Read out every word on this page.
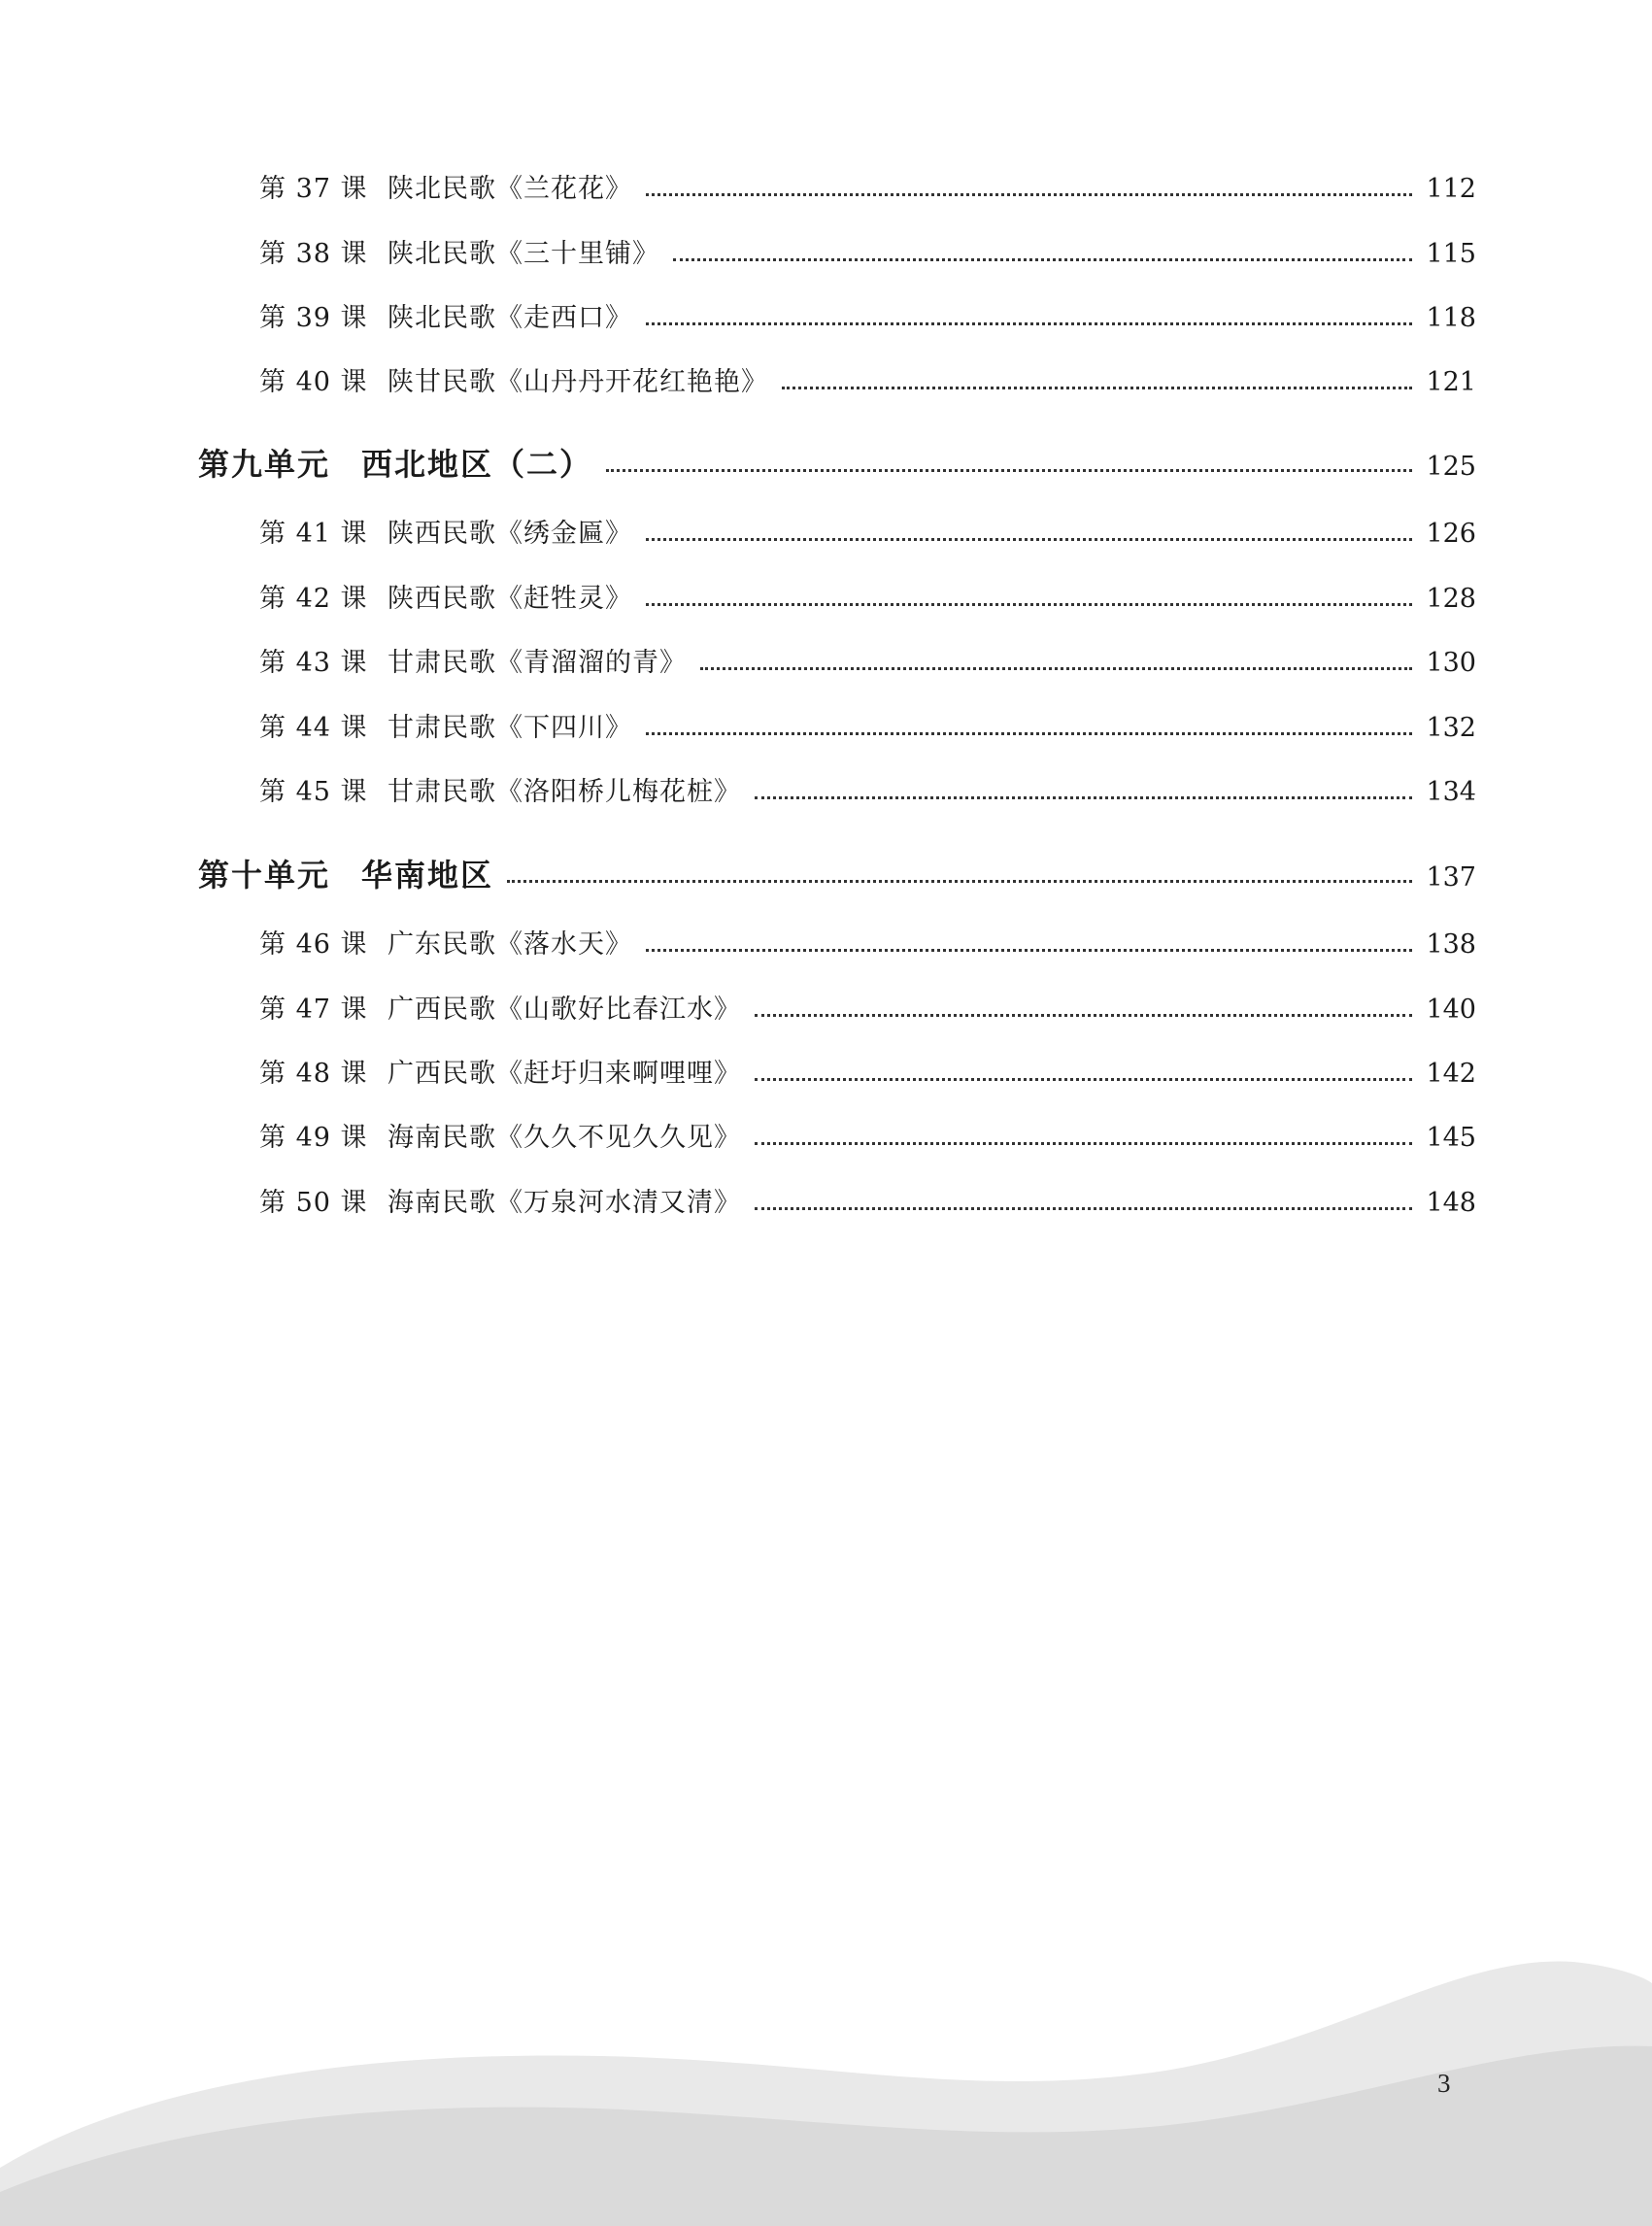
第 37 课 陕北民歌《兰花花》	112
第 38 课 陕北民歌《三十里铺》	115
第 39 课 陕北民歌《走西口》	118
第 40 课 陕甘民歌《山丹丹开花红艳艳》	121
第九单元 西北地区（二）	125
第 41 课 陕西民歌《绣金匾》	126
第 42 课 陕西民歌《赶牲灵》	128
第 43 课 甘肃民歌《青溜溜的青》	130
第 44 课 甘肃民歌《下四川》	132
第 45 课 甘肃民歌《洛阳桥儿梅花桩》	134
第十单元 华南地区	137
第 46 课 广东民歌《落水天》	138
第 47 课 广西民歌《山歌好比春江水》	140
第 48 课 广西民歌《赶圩归来啊哩哩》	142
第 49 课 海南民歌《久久不见久久见》	145
第 50 课 海南民歌《万泉河水清又清》	148
3
